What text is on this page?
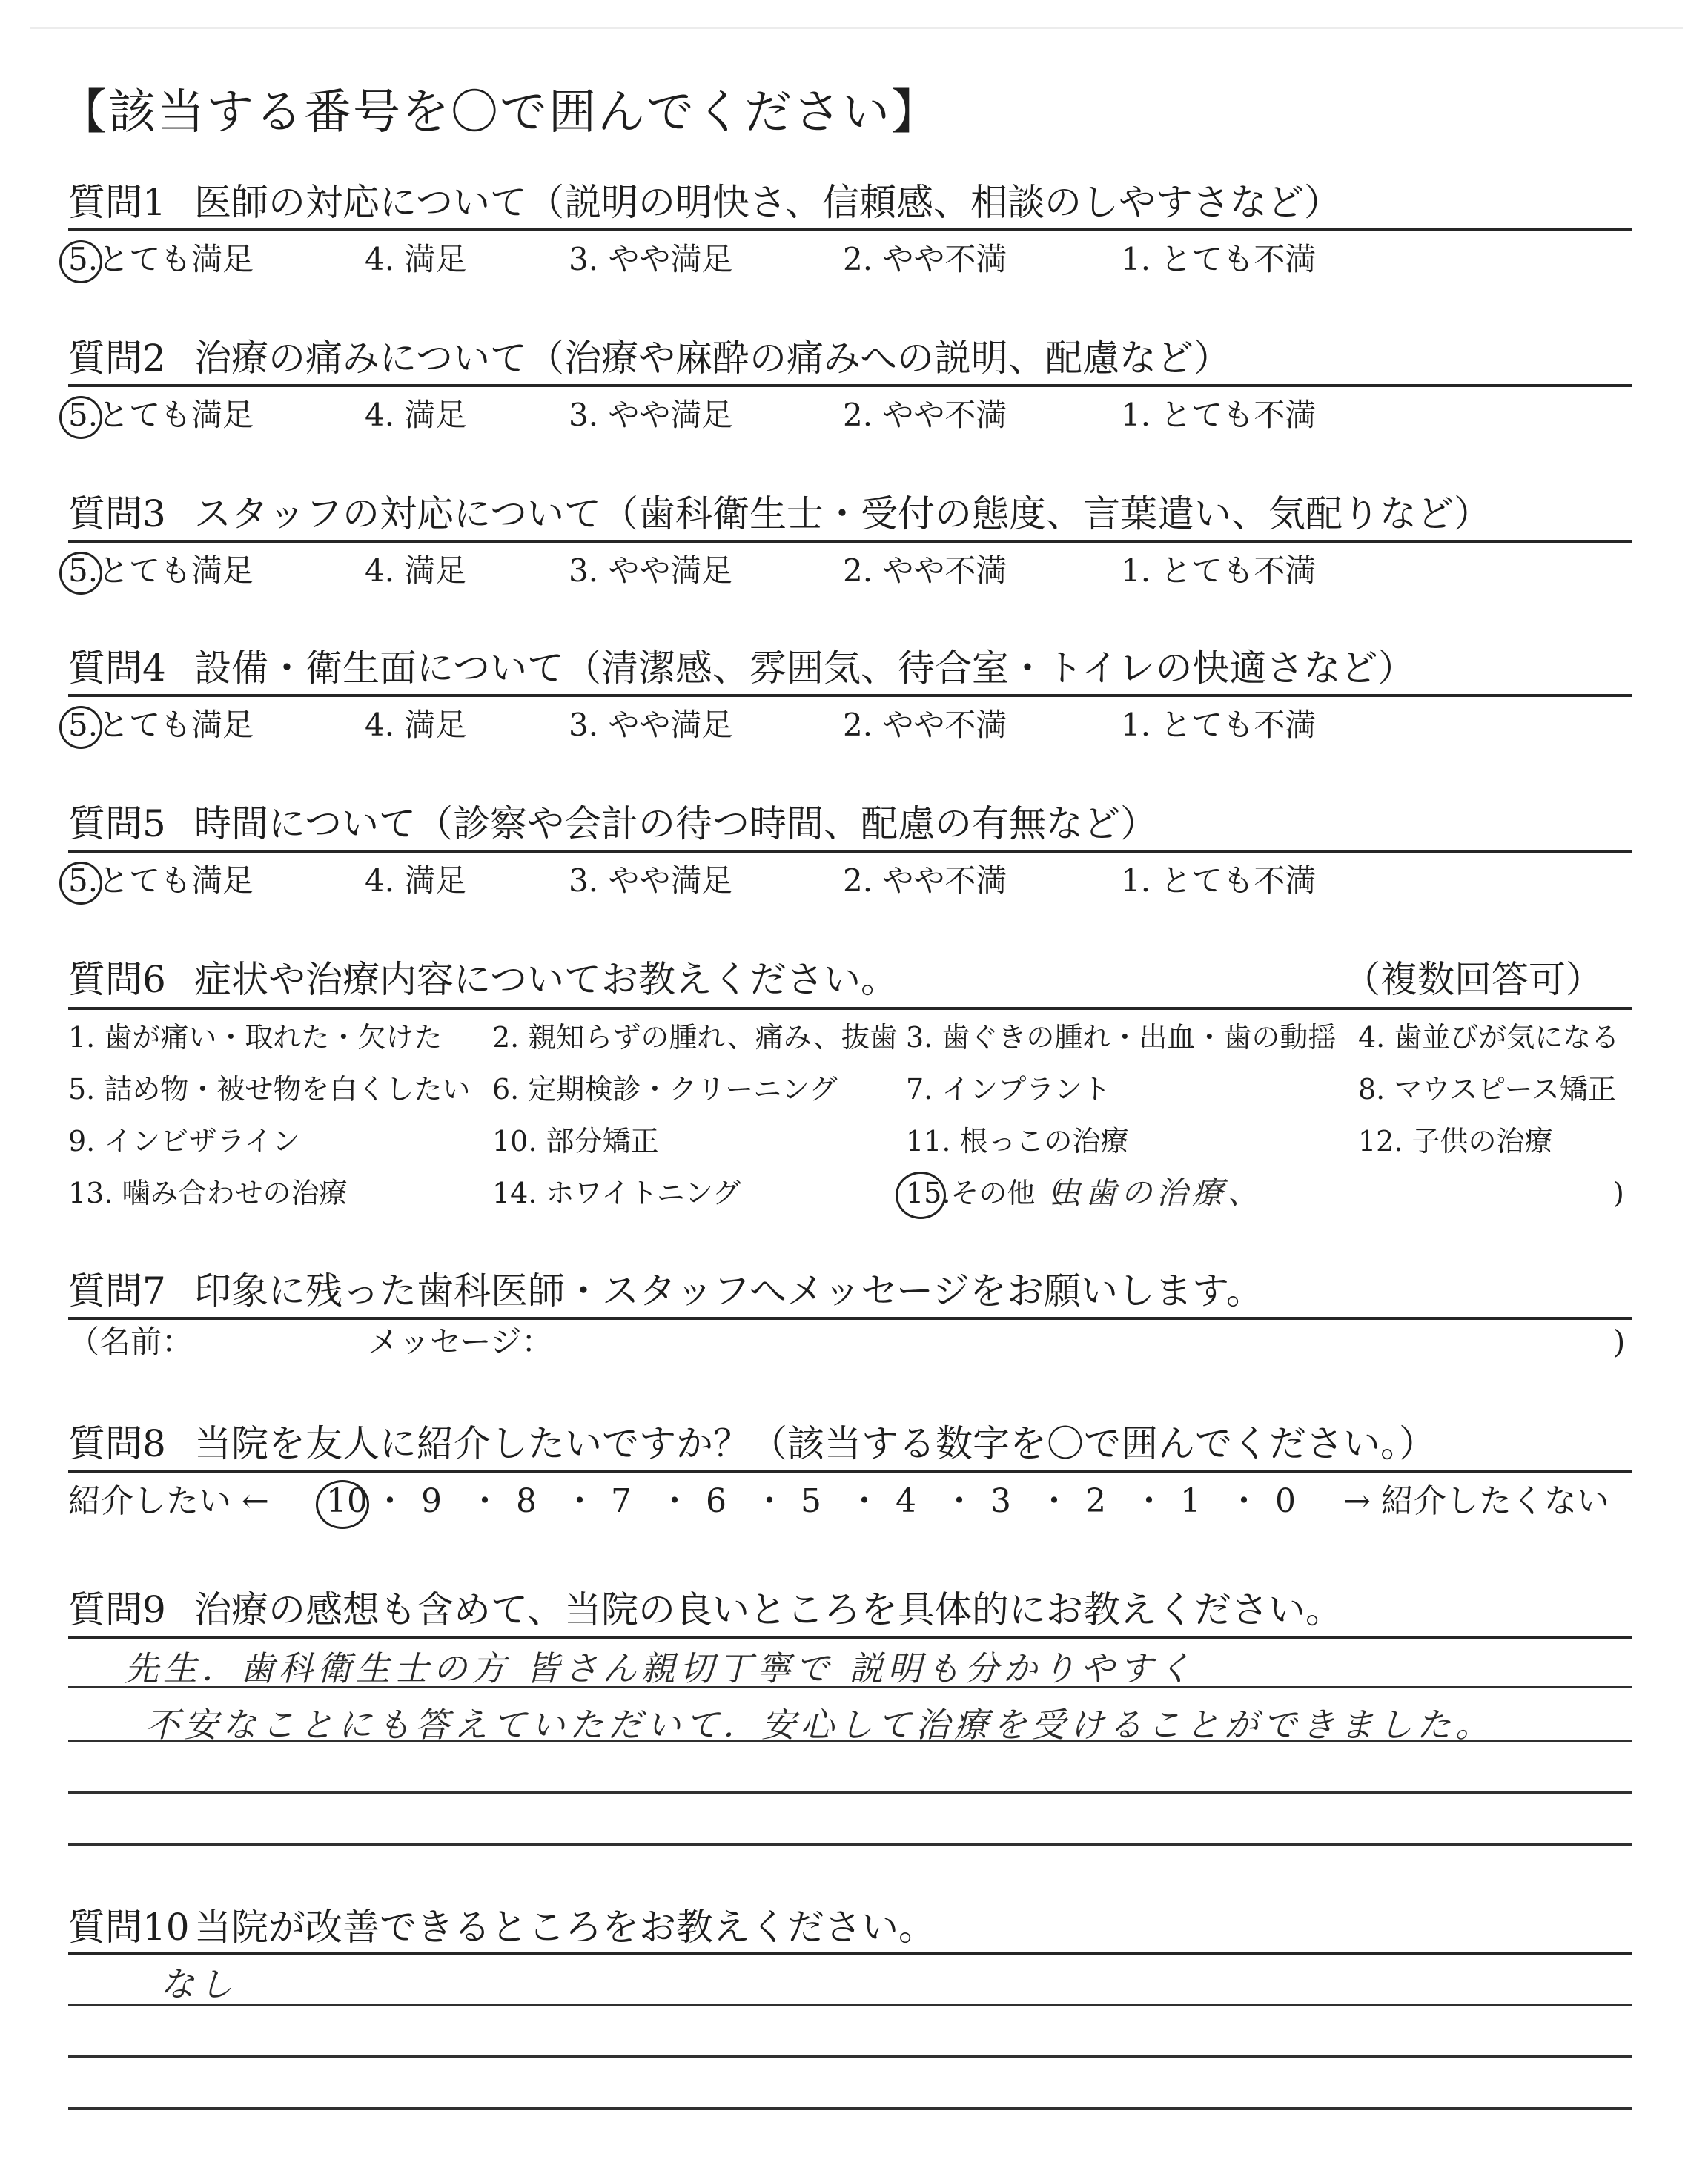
【該当する番号を〇で囲んでください】
質問1 医師の対応について（説明の明快さ、信頼感、相談のしやすさなど）
5.とても満足	4. 満足	3. やや満足	2. やや不満	1. とても不満
質問2 治療の痛みについて（治療や麻酔の痛みへの説明、配慮など）
5.とても満足	4. 満足	3. やや満足	2. やや不満	1. とても不満
質問3 スタッフの対応について（歯科衛生士・受付の態度、言葉遣い、気配りなど）
5.とても満足	4. 満足	3. やや満足	2. やや不満	1. とても不満
質問4 設備・衛生面について（清潔感、雰囲気、待合室・トイレの快適さなど）
5.とても満足	4. 満足	3. やや満足	2. やや不満	1. とても不満
質問5 時間について（診察や会計の待つ時間、配慮の有無など）
5.とても満足	4. 満足	3. やや満足	2. やや不満	1. とても不満
質問6 症状や治療内容についてお教えください。	（複数回答可）
1. 歯が痛い・取れた・欠けた 2. 親知らずの腫れ、痛み、抜歯 3. 歯ぐきの腫れ・出血・歯の動揺 4. 歯並びが気になる
5. 詰め物・被せ物を白くしたい 6. 定期検診・クリーニング 7. インプラント	8. マウスピース矯正
9. インビザライン	10. 部分矯正	11. 根っこの治療	12. 子供の治療
13. 噛み合わせの治療	14. ホワイトニング	15.その他（	)
虫歯の治療、
質問7 印象に残った歯科医師・スタッフへメッセージをお願いします。
（名前：	メッセージ：	)
質問8 当院を友人に紹介したいですか？（該当する数字を〇で囲んでください。）
紹介したい ←	→ 紹介したくない
10 ・ 9 ・ 8 ・ 7 ・ 6 ・ 5 ・ 4 ・ 3 ・ 2 ・ 1 ・ 0
質問9 治療の感想も含めて、当院の良いところを具体的にお教えください。
先生．歯科衛生士の方 皆さん親切丁寧で 説明も分かりやすく
不安なことにも答えていただいて．安心して治療を受けることができました。
質問10 当院が改善できるところをお教えください。
なし
